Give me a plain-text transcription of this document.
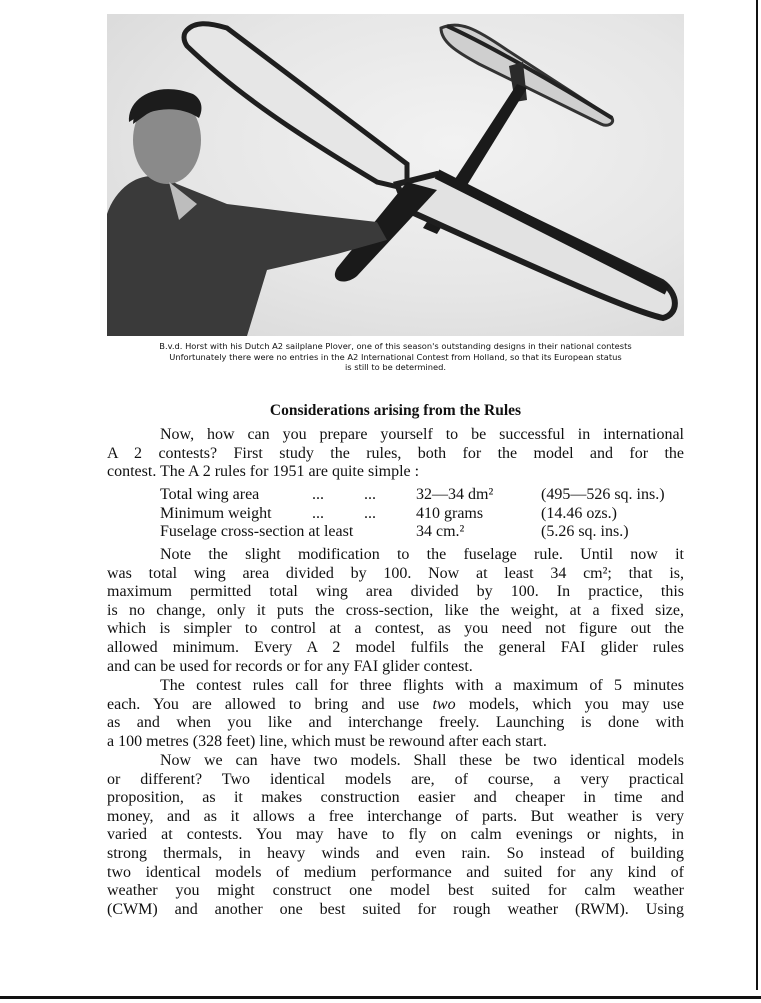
B.v.d. Horst with his Dutch A2 sailplane Plover, one of this season's outstanding designs in their national contests
Unfortunately there were no entries in the A2 International Contest from Holland, so that its European status
is still to be determined.
Considerations arising from the Rules
Now, how can you prepare yourself to be successful in international
A 2 contests? First study the rules, both for the model and for the
contest. The A 2 rules for 1951 are quite simple :
Total wing area	...	...	32—34 dm²	(495—526 sq. ins.)
Minimum weight	...	...	410 grams	(14.46 ozs.)
Fuselage cross-section at least	34 cm.²	(5.26 sq. ins.)
Note the slight modification to the fuselage rule. Until now it
was total wing area divided by 100. Now at least 34 cm²; that is,
maximum permitted total wing area divided by 100. In practice, this
is no change, only it puts the cross-section, like the weight, at a fixed size,
which is simpler to control at a contest, as you need not figure out the
allowed minimum. Every A 2 model fulfils the general FAI glider rules
and can be used for records or for any FAI glider contest.
The contest rules call for three flights with a maximum of 5 minutes
each. You are allowed to bring and use two models, which you may use
as and when you like and interchange freely. Launching is done with
a 100 metres (328 feet) line, which must be rewound after each start.
Now we can have two models. Shall these be two identical models
or different? Two identical models are, of course, a very practical
proposition, as it makes construction easier and cheaper in time and
money, and as it allows a free interchange of parts. But weather is very
varied at contests. You may have to fly on calm evenings or nights, in
strong thermals, in heavy winds and even rain. So instead of building
two identical models of medium performance and suited for any kind of
weather you might construct one model best suited for calm weather
(CWM) and another one best suited for rough weather (RWM). Using
